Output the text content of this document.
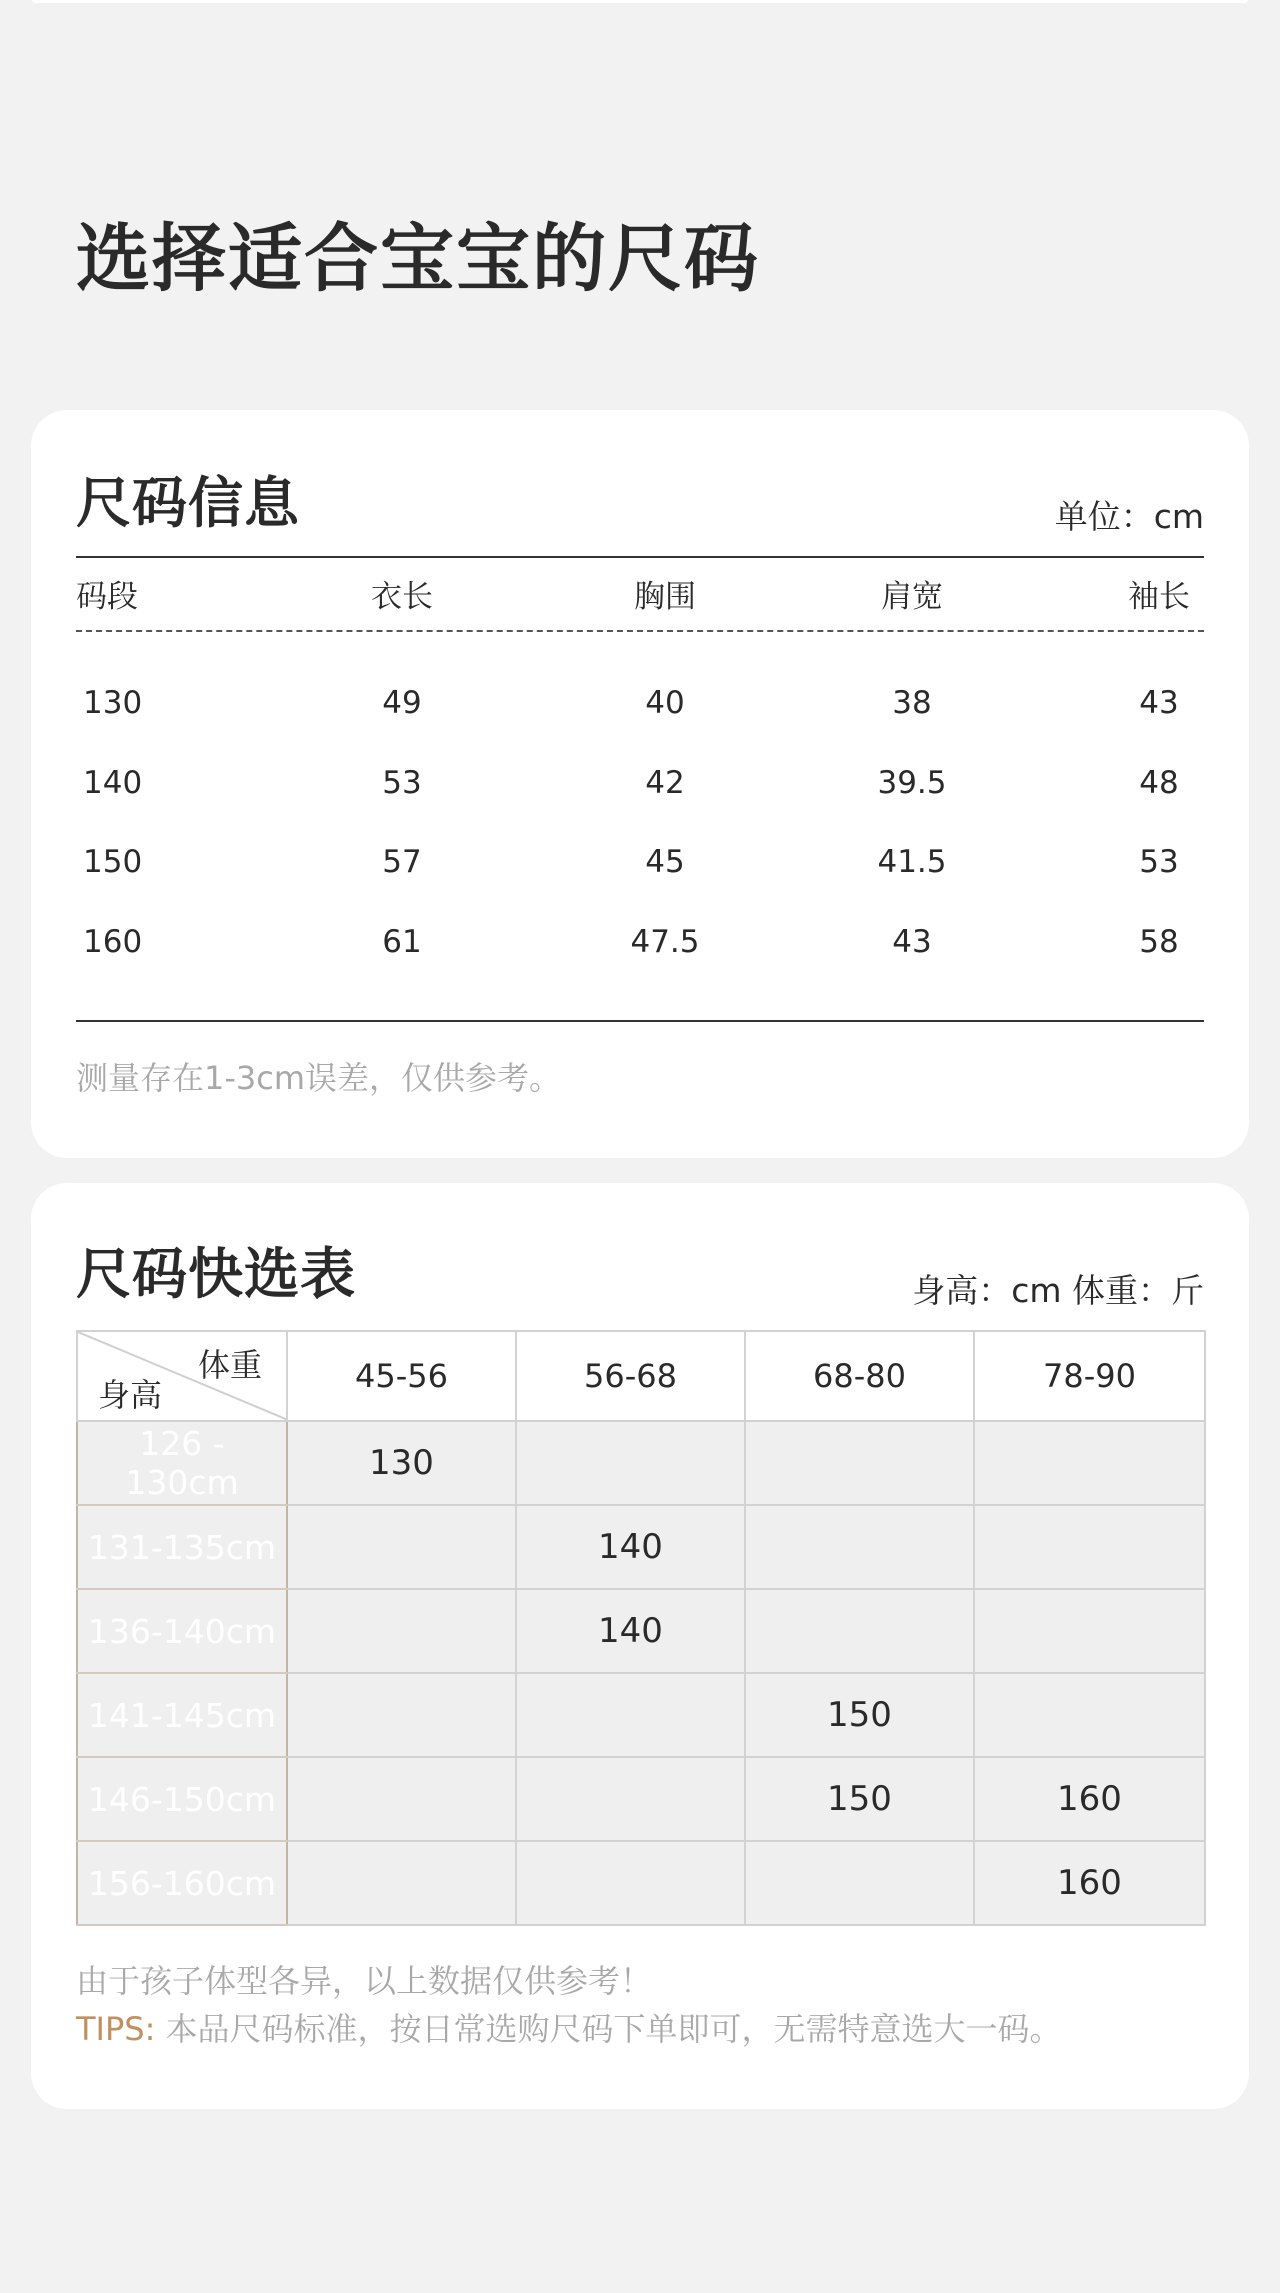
选择适合宝宝的尺码
尺码信息	单位：cm
码段	衣长	胸围	肩宽	袖长
130	49	40	38	43
140	53	42	39.5	48
150	57	45	41.5	53
160	61	47.5	43	58
测量存在1-3cm误差，仅供参考。
尺码快选表	身高：cm 体重：斤
体重
身高	45-56	56-68	68-80	78-90
126 - 130cm	130			
131-135cm		140		
136-140cm		140		
141-145cm			150	
146-150cm			150	160
156-160cm				160
由于孩子体型各异，以上数据仅供参考！
TIPS: 本品尺码标准，按日常选购尺码下单即可，无需特意选大一码。
